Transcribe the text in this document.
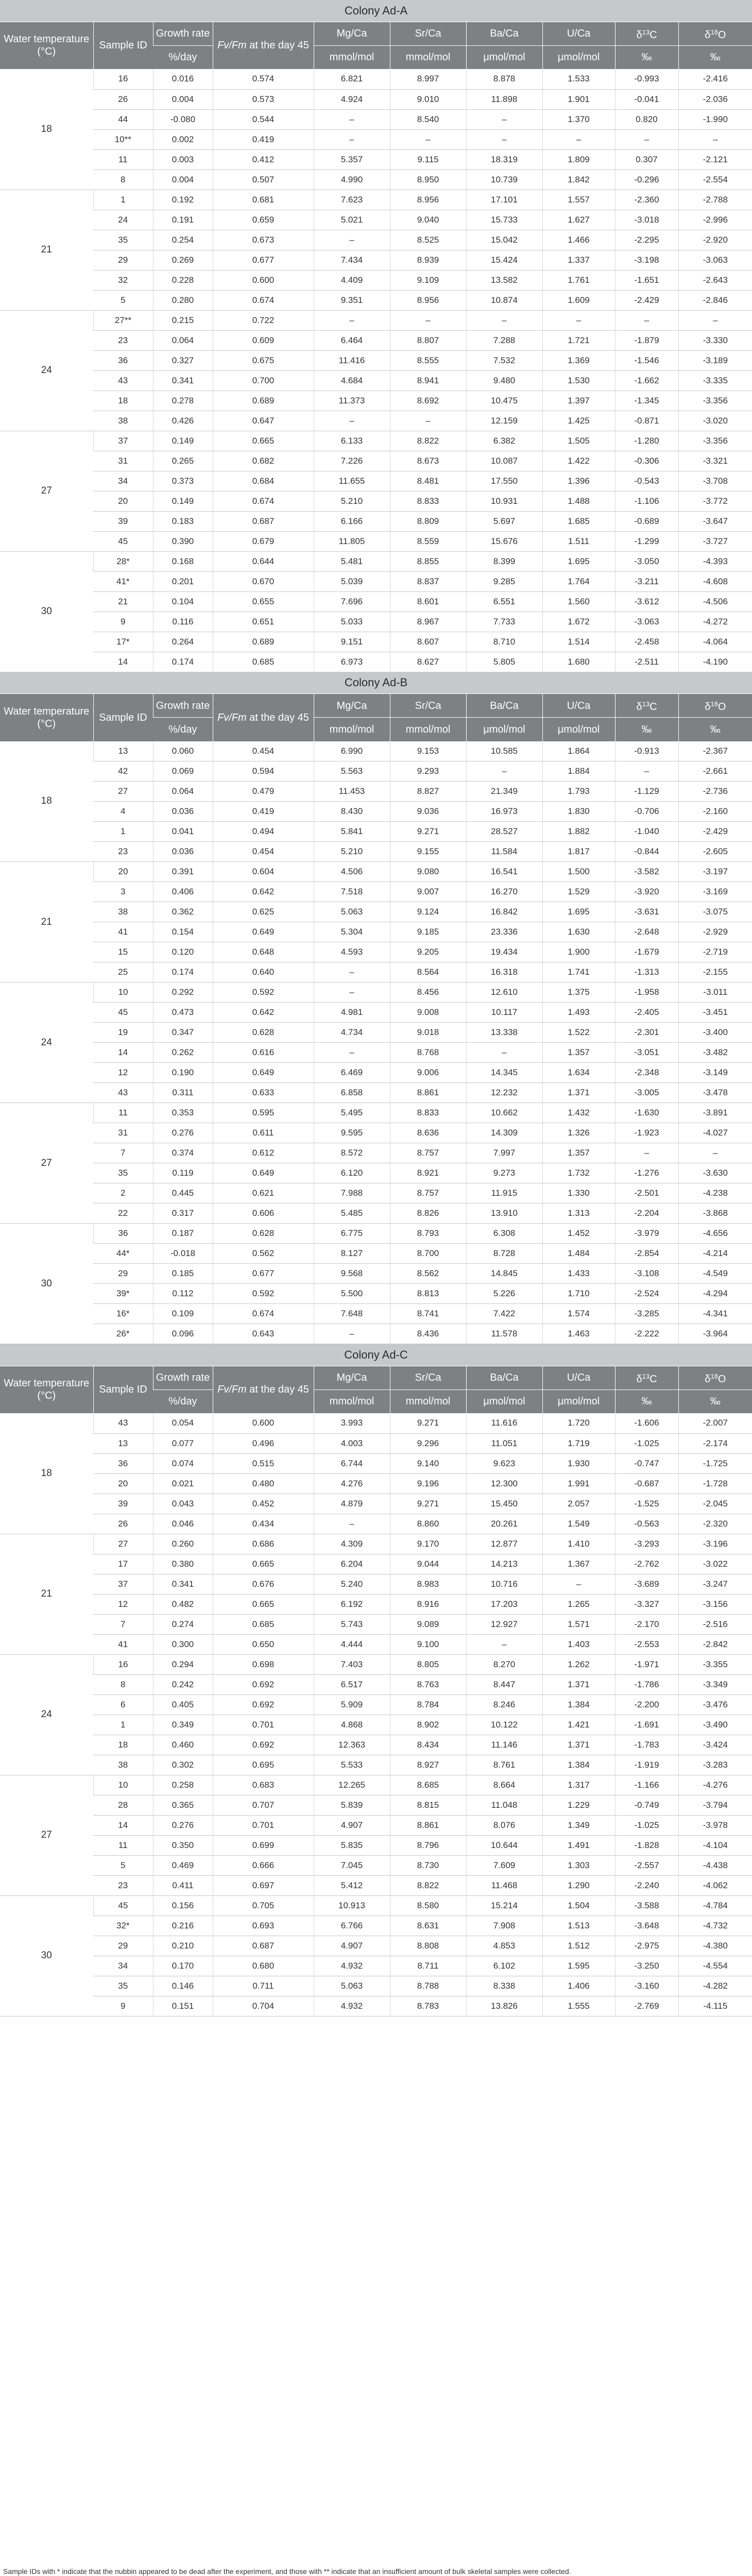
Colony Ad-A									
Water temperature (°C)	Sample ID	Growth rate	Fv/Fm at the day 45	Mg/Ca	Sr/Ca	Ba/Ca	U/Ca	$\delta^{13}C$	$\delta^{18}O$
		%/day		mmol/mol	mmol/mol	μmol/mol	μmol/mol	‰	‰
18	16	0.016	0.574	6.821	8.997	8.878	1.533	-0.993	-2.416
	26	0.004	0.573	4.924	9.010	11.898	1.901	-0.041	-2.036
	44	-0.080	0.544	–	8.540	–	1.370	0.820	-1.990
	10**	0.002	0.419	–	–	–	–	–	–
	11	0.003	0.412	5.357	9.115	18.319	1.809	0.307	-2.121
	8	0.004	0.507	4.990	8.950	10.739	1.842	-0.296	-2.554
21	1	0.192	0.681	7.623	8.956	17.101	1.557	-2.360	-2.788
	24	0.191	0.659	5.021	9.040	15.733	1.627	-3.018	-2.996
	35	0.254	0.673	–	8.525	15.042	1.466	-2.295	-2.920
	29	0.269	0.677	7.434	8.939	15.424	1.337	-3.198	-3.063
	32	0.228	0.600	4.409	9.109	13.582	1.761	-1.651	-2.643
	5	0.280	0.674	9.351	8.956	10.874	1.609	-2.429	-2.846
24	27**	0.215	0.722	–	–	–	–	–	–
	23	0.064	0.609	6.464	8.807	7.288	1.721	-1.879	-3.330
	36	0.327	0.675	11.416	8.555	7.532	1.369	-1.546	-3.189
	43	0.341	0.700	4.684	8.941	9.480	1.530	-1.662	-3.335
	18	0.278	0.689	11.373	8.692	10.475	1.397	-1.345	-3.356
	38	0.426	0.647	–	–	12.159	1.425	-0.871	-3.020
27	37	0.149	0.665	6.133	8.822	6.382	1.505	-1.280	-3.356
	31	0.265	0.682	7.226	8.673	10.087	1.422	-0.306	-3.321
	34	0.373	0.684	11.655	8.481	17.550	1.396	-0.543	-3.708
	20	0.149	0.674	5.210	8.833	10.931	1.488	-1.106	-3.772
	39	0.183	0.687	6.166	8.809	5.697	1.685	-0.689	-3.647
	45	0.390	0.679	11.805	8.559	15.676	1.511	-1.299	-3.727
30	28*	0.168	0.644	5.481	8.855	8.399	1.695	-3.050	-4.393
	41*	0.201	0.670	5.039	8.837	9.285	1.764	-3.211	-4.608
	21	0.104	0.655	7.696	8.601	6.551	1.560	-3.612	-4.506
	9	0.116	0.651	5.033	8.967	7.733	1.672	-3.063	-4.272
	17*	0.264	0.689	9.151	8.607	8.710	1.514	-2.458	-4.064
	14	0.174	0.685	6.973	8.627	5.805	1.680	-2.511	-4.190
Colony Ad-B									
Water temperature (°C)	Sample ID	Growth rate	Fv/Fm at the day 45	Mg/Ca	Sr/Ca	Ba/Ca	U/Ca	$\delta^{13}C$	$\delta^{18}O$
		%/day		mmol/mol	mmol/mol	μmol/mol	μmol/mol	‰	‰
18	13	0.060	0.454	6.990	9.153	10.585	1.864	-0.913	-2.367
	42	0.069	0.594	5.563	9.293	–	1.884	–	-2.661
	27	0.064	0.479	11.453	8.827	21.349	1.793	-1.129	-2.736
	4	0.036	0.419	8.430	9.036	16.973	1.830	-0.706	-2.160
	1	0.041	0.494	5.841	9.271	28.527	1.882	-1.040	-2.429
	23	0.036	0.454	5.210	9.155	11.584	1.817	-0.844	-2.605
21	20	0.391	0.604	4.506	9.080	16.541	1.500	-3.582	-3.197
	3	0.406	0.642	7.518	9.007	16.270	1.529	-3.920	-3.169
	38	0.362	0.625	5.063	9.124	16.842	1.695	-3.631	-3.075
	41	0.154	0.649	5.304	9.185	23.336	1.630	-2.648	-2.929
	15	0.120	0.648	4.593	9.205	19.434	1.900	-1.679	-2.719
	25	0.174	0.640	–	8.564	16.318	1.741	-1.313	-2.155
24	10	0.292	0.592	–	8.456	12.610	1.375	-1.958	-3.011
	45	0.473	0.642	4.981	9.008	10.117	1.493	-2.405	-3.451
	19	0.347	0.628	4.734	9.018	13.338	1.522	-2.301	-3.400
	14	0.262	0.616	–	8.768	–	1.357	-3.051	-3.482
	12	0.190	0.649	6.469	9.006	14.345	1.634	-2.348	-3.149
	43	0.311	0.633	6.858	8.861	12.232	1.371	-3.005	-3.478
27	11	0.353	0.595	5.495	8.833	10.662	1.432	-1.630	-3.891
	31	0.276	0.611	9.595	8.636	14.309	1.326	-1.923	-4.027
	7	0.374	0.612	8.572	8.757	7.997	1.357	–	–
	35	0.119	0.649	6.120	8.921	9.273	1.732	-1.276	-3.630
	2	0.445	0.621	7.988	8.757	11.915	1.330	-2.501	-4.238
	22	0.317	0.606	5.485	8.826	13.910	1.313	-2.204	-3.868
30	36	0.187	0.628	6.775	8.793	6.308	1.452	-3.979	-4.656
	44*	-0.018	0.562	8.127	8.700	8.728	1.484	-2.854	-4.214
	29	0.185	0.677	9.568	8.562	14.845	1.433	-3.108	-4.549
	39*	0.112	0.592	5.500	8.813	5.226	1.710	-2.524	-4.294
	16*	0.109	0.674	7.648	8.741	7.422	1.574	-3.285	-4.341
	26*	0.096	0.643	–	8.436	11.578	1.463	-2.222	-3.964
Colony Ad-C									
Water temperature (°C)	Sample ID	Growth rate	Fv/Fm at the day 45	Mg/Ca	Sr/Ca	Ba/Ca	U/Ca	$\delta^{13}C$	$\delta^{18}O$
		%/day		mmol/mol	mmol/mol	μmol/mol	μmol/mol	‰	‰
18	43	0.054	0.600	3.993	9.271	11.616	1.720	-1.606	-2.007
	13	0.077	0.496	4.003	9.296	11.051	1.719	-1.025	-2.174
	36	0.074	0.515	6.744	9.140	9.623	1.930	-0.747	-1.725
	20	0.021	0.480	4.276	9.196	12.300	1.991	-0.687	-1.728
	39	0.043	0.452	4.879	9.271	15.450	2.057	-1.525	-2.045
	26	0.046	0.434	–	8.860	20.261	1.549	-0.563	-2.320
21	27	0.260	0.686	4.309	9.170	12.877	1.410	-3.293	-3.196
	17	0.380	0.665	6.204	9.044	14.213	1.367	-2.762	-3.022
	37	0.341	0.676	5.240	8.983	10.716	–	-3.689	-3.247
	12	0.482	0.665	6.192	8.916	17.203	1.265	-3.327	-3.156
	7	0.274	0.685	5.743	9.089	12.927	1.571	-2.170	-2.516
	41	0.300	0.650	4.444	9.100	–	1.403	-2.553	-2.842
24	16	0.294	0.698	7.403	8.805	8.270	1.262	-1.971	-3.355
	8	0.242	0.692	6.517	8.763	8.447	1.371	-1.786	-3.349
	6	0.405	0.692	5.909	8.784	8.246	1.384	-2.200	-3.476
	1	0.349	0.701	4.868	8.902	10.122	1.421	-1.691	-3.490
	18	0.460	0.692	12.363	8.434	11.146	1.371	-1.783	-3.424
	38	0.302	0.695	5.533	8.927	8.761	1.384	-1.919	-3.283
27	10	0.258	0.683	12.265	8.685	8.664	1.317	-1.166	-4.276
	28	0.365	0.707	5.839	8.815	11.048	1.229	-0.749	-3.794
	14	0.276	0.701	4.907	8.861	8.076	1.349	-1.025	-3.978
	11	0.350	0.699	5.835	8.796	10.644	1.491	-1.828	-4.104
	5	0.469	0.666	7.045	8.730	7.609	1.303	-2.557	-4.438
	23	0.411	0.697	5.412	8.822	11.468	1.290	-2.240	-4.062
30	45	0.156	0.705	10.913	8.580	15.214	1.504	-3.588	-4.784
	32*	0.216	0.693	6.766	8.631	7.908	1.513	-3.648	-4.732
	29	0.210	0.687	4.907	8.808	4.853	1.512	-2.975	-4.380
	34	0.170	0.680	4.932	8.711	6.102	1.595	-3.250	-4.554
	35	0.146	0.711	5.063	8.788	8.338	1.406	-3.160	-4.282
	9	0.151	0.704	4.932	8.783	13.826	1.555	-2.769	-4.115
Sample IDs with * indicate that the nubbin appeared to be dead after the experiment, and those with ** indicate that an insufficient amount of bulk skeletal samples were collected.
